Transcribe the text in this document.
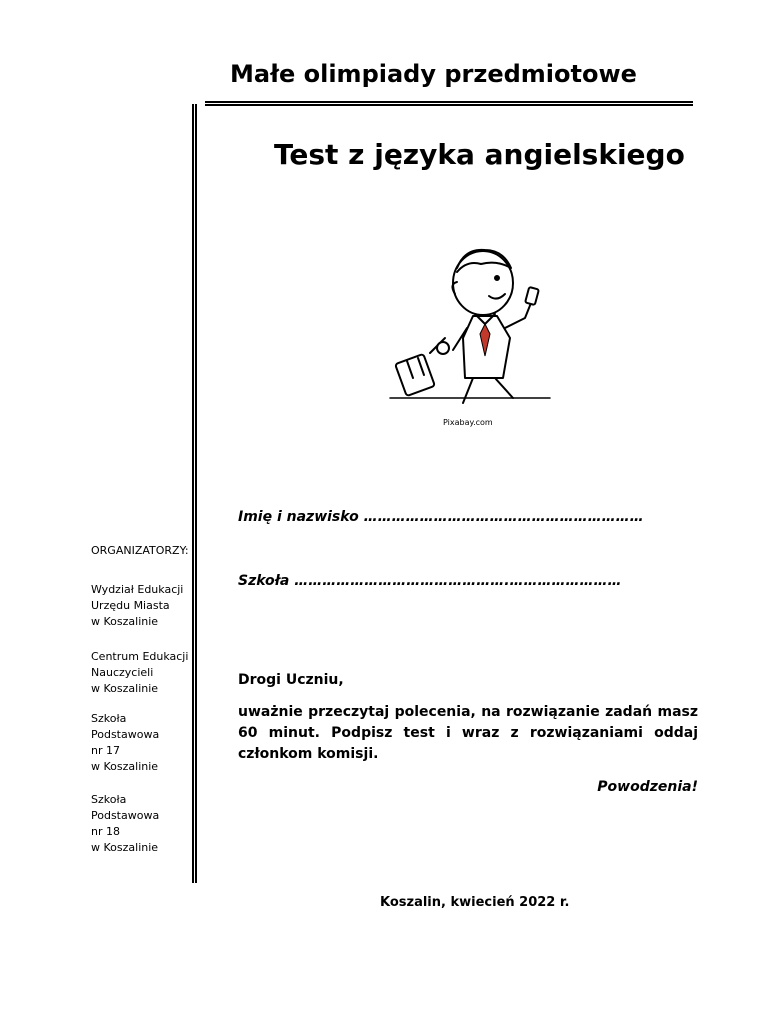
Małe olimpiady przedmiotowe
Test z języka angielskiego
Pixabay.com
Imię i nazwisko ……………………………………………………
Szkoła ……………………………………….……………………
ORGANIZATORZY:
Wydział Edukacji
Urzędu Miasta
w Koszalinie
Centrum Edukacji
Nauczycieli
w Koszalinie
Szkoła
Podstawowa
nr 17
w Koszalinie
Szkoła
Podstawowa
nr 18
w Koszalinie
Drogi Uczniu,
uważnie przeczytaj polecenia, na rozwiązanie zadań masz 60 minut. Podpisz test i wraz z rozwiązaniami oddaj członkom komisji.
Powodzenia!
Koszalin, kwiecień 2022 r.
